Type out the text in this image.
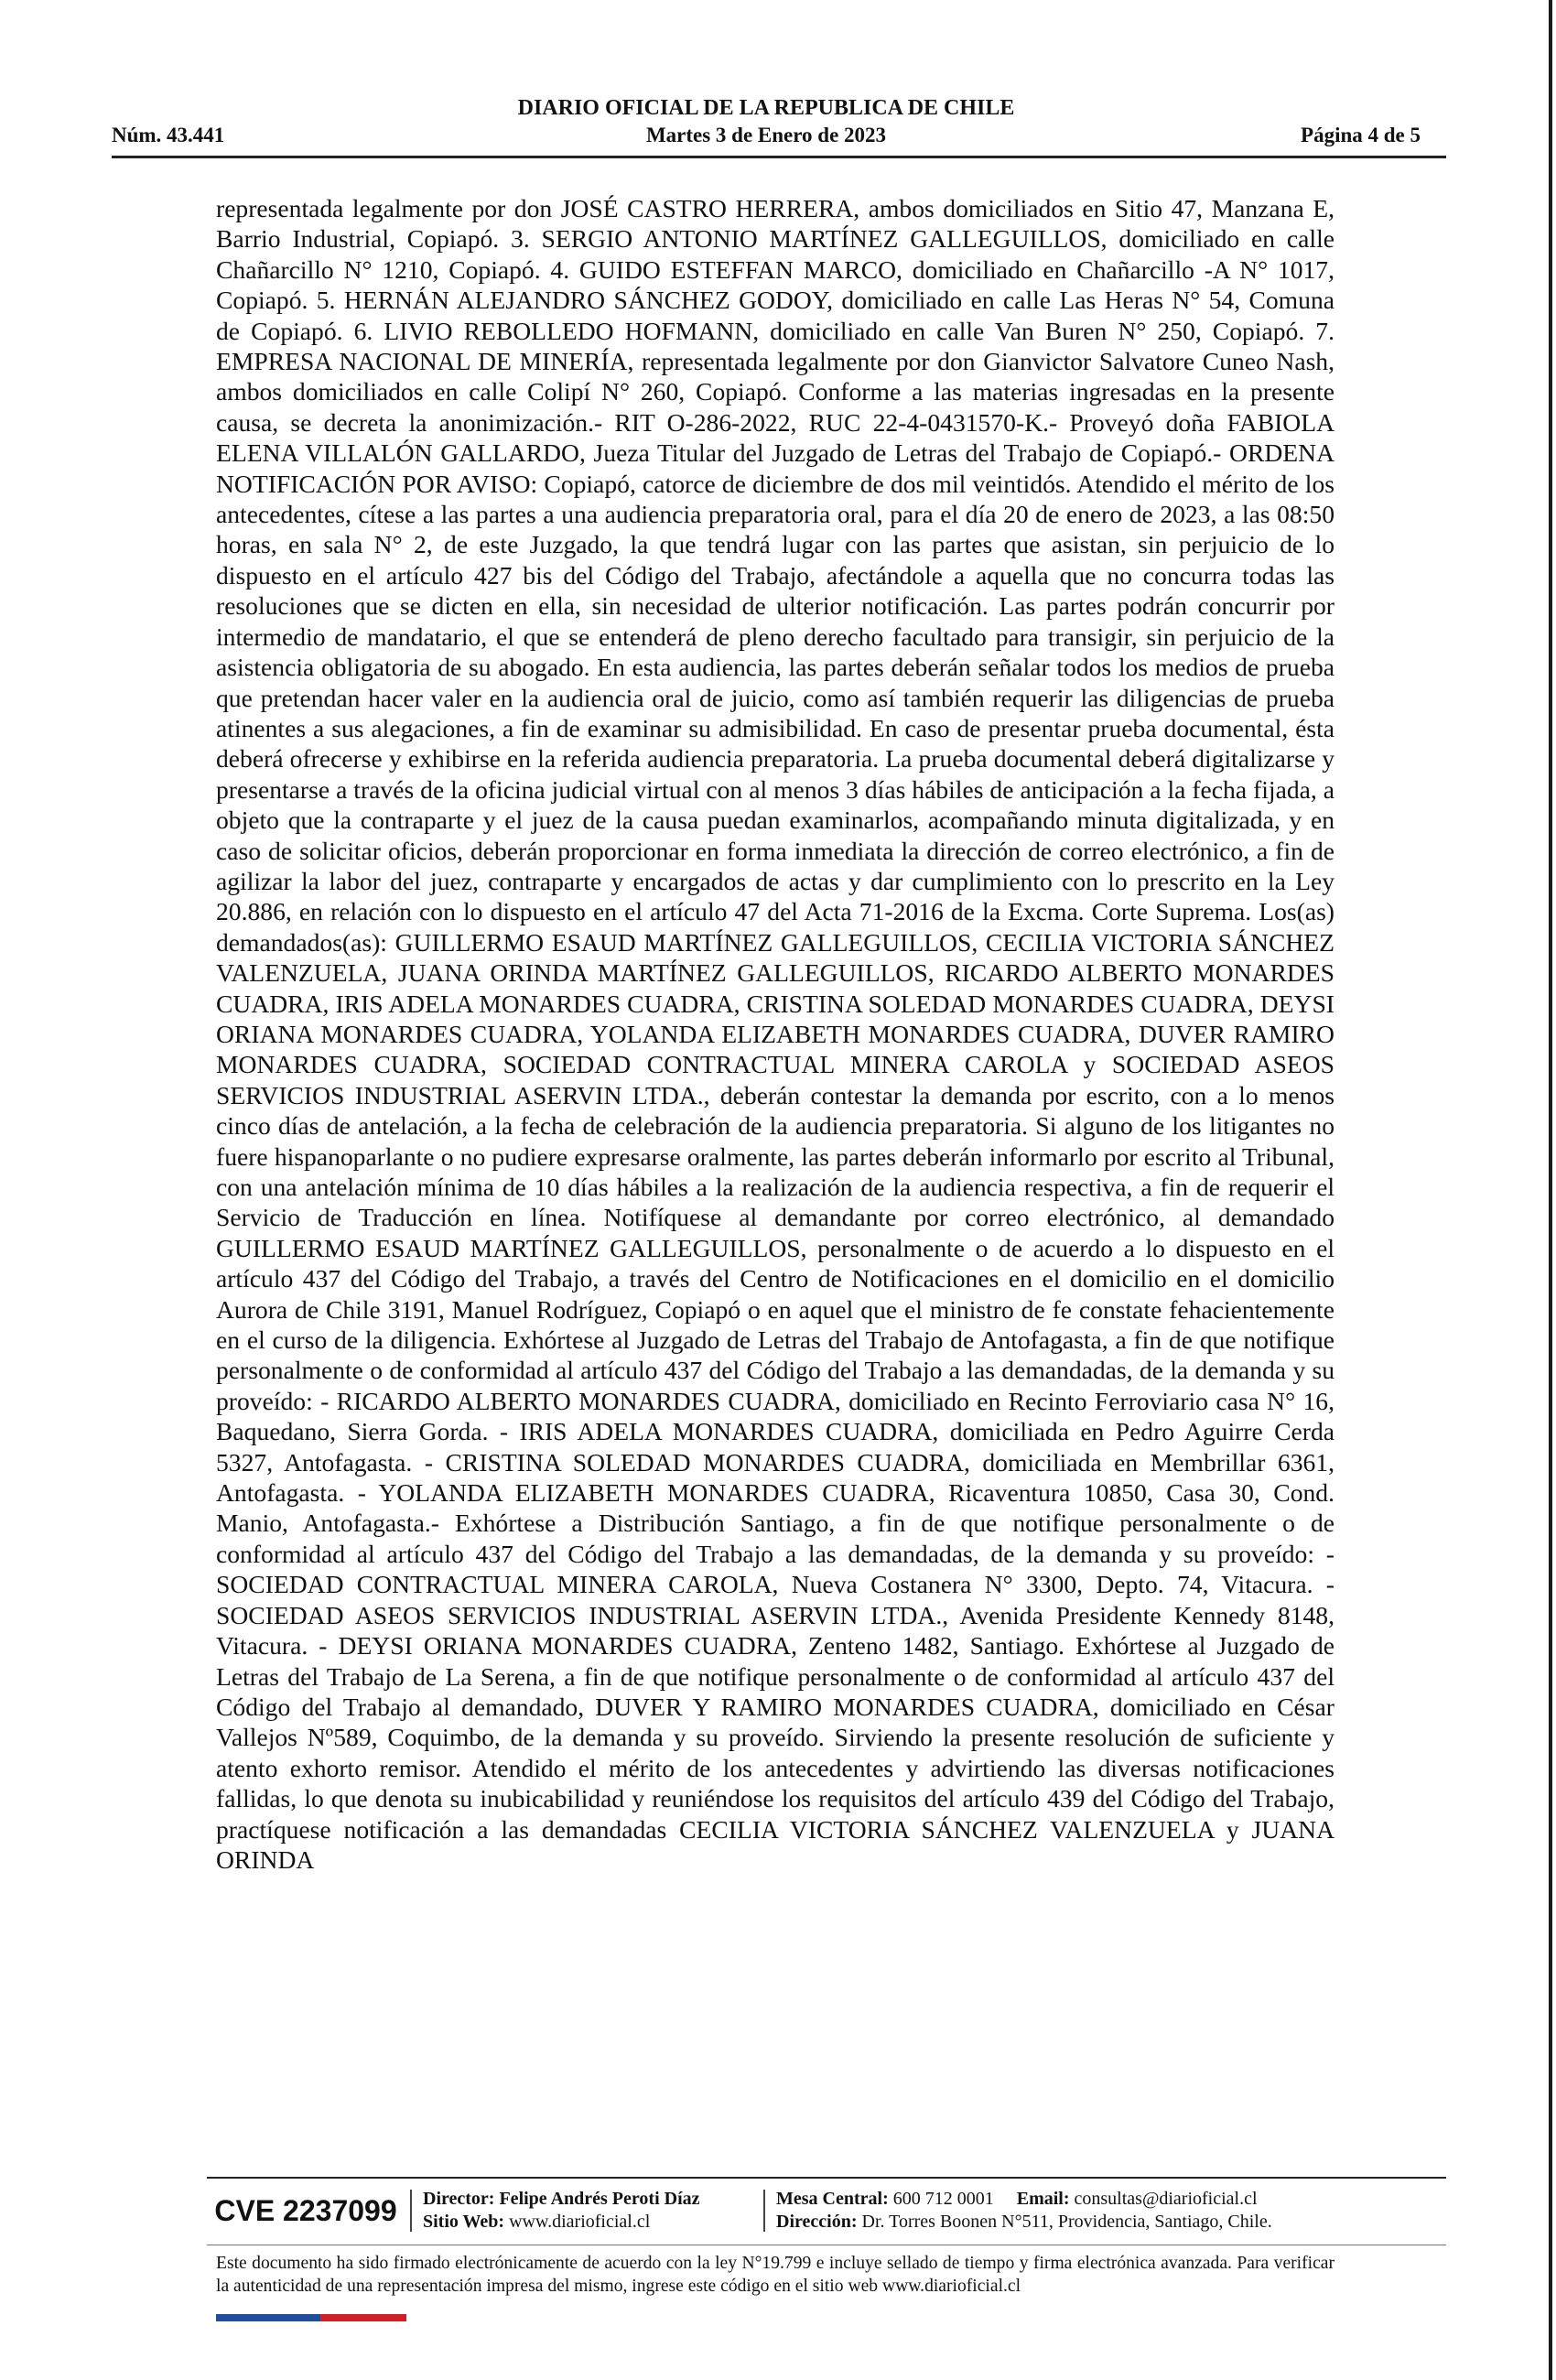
DIARIO OFICIAL DE LA REPUBLICA DE CHILE
Núm. 43.441	Martes 3 de Enero de 2023	Página 4 de 5
representada legalmente por don JOSÉ CASTRO HERRERA, ambos domiciliados en Sitio 47, Manzana E, Barrio Industrial, Copiapó. 3. SERGIO ANTONIO MARTÍNEZ GALLEGUILLOS, domiciliado en calle Chañarcillo N° 1210, Copiapó. 4. GUIDO ESTEFFAN MARCO, domiciliado en Chañarcillo -A N° 1017, Copiapó. 5. HERNÁN ALEJANDRO SÁNCHEZ GODOY, domiciliado en calle Las Heras N° 54, Comuna de Copiapó. 6. LIVIO REBOLLEDO HOFMANN, domiciliado en calle Van Buren N° 250, Copiapó. 7. EMPRESA NACIONAL DE MINERÍA, representada legalmente por don Gianvictor Salvatore Cuneo Nash, ambos domiciliados en calle Colipí N° 260, Copiapó. Conforme a las materias ingresadas en la presente causa, se decreta la anonimización.- RIT O-286-2022, RUC 22-4-0431570-K.- Proveyó doña FABIOLA ELENA VILLALÓN GALLARDO, Jueza Titular del Juzgado de Letras del Trabajo de Copiapó.- ORDENA NOTIFICACIÓN POR AVISO: Copiapó, catorce de diciembre de dos mil veintidós. Atendido el mérito de los antecedentes, cítese a las partes a una audiencia preparatoria oral, para el día 20 de enero de 2023, a las 08:50 horas, en sala N° 2, de este Juzgado, la que tendrá lugar con las partes que asistan, sin perjuicio de lo dispuesto en el artículo 427 bis del Código del Trabajo, afectándole a aquella que no concurra todas las resoluciones que se dicten en ella, sin necesidad de ulterior notificación. Las partes podrán concurrir por intermedio de mandatario, el que se entenderá de pleno derecho facultado para transigir, sin perjuicio de la asistencia obligatoria de su abogado. En esta audiencia, las partes deberán señalar todos los medios de prueba que pretendan hacer valer en la audiencia oral de juicio, como así también requerir las diligencias de prueba atinentes a sus alegaciones, a fin de examinar su admisibilidad. En caso de presentar prueba documental, ésta deberá ofrecerse y exhibirse en la referida audiencia preparatoria. La prueba documental deberá digitalizarse y presentarse a través de la oficina judicial virtual con al menos 3 días hábiles de anticipación a la fecha fijada, a objeto que la contraparte y el juez de la causa puedan examinarlos, acompañando minuta digitalizada, y en caso de solicitar oficios, deberán proporcionar en forma inmediata la dirección de correo electrónico, a fin de agilizar la labor del juez, contraparte y encargados de actas y dar cumplimiento con lo prescrito en la Ley 20.886, en relación con lo dispuesto en el artículo 47 del Acta 71-2016 de la Excma. Corte Suprema. Los(as) demandados(as): GUILLERMO ESAUD MARTÍNEZ GALLEGUILLOS, CECILIA VICTORIA SÁNCHEZ VALENZUELA, JUANA ORINDA MARTÍNEZ GALLEGUILLOS, RICARDO ALBERTO MONARDES CUADRA, IRIS ADELA MONARDES CUADRA, CRISTINA SOLEDAD MONARDES CUADRA, DEYSI ORIANA MONARDES CUADRA, YOLANDA ELIZABETH MONARDES CUADRA, DUVER RAMIRO MONARDES CUADRA, SOCIEDAD CONTRACTUAL MINERA CAROLA y SOCIEDAD ASEOS SERVICIOS INDUSTRIAL ASERVIN LTDA., deberán contestar la demanda por escrito, con a lo menos cinco días de antelación, a la fecha de celebración de la audiencia preparatoria. Si alguno de los litigantes no fuere hispanoparlante o no pudiere expresarse oralmente, las partes deberán informarlo por escrito al Tribunal, con una antelación mínima de 10 días hábiles a la realización de la audiencia respectiva, a fin de requerir el Servicio de Traducción en línea. Notifíquese al demandante por correo electrónico, al demandado GUILLERMO ESAUD MARTÍNEZ GALLEGUILLOS, personalmente o de acuerdo a lo dispuesto en el artículo 437 del Código del Trabajo, a través del Centro de Notificaciones en el domicilio en el domicilio Aurora de Chile 3191, Manuel Rodríguez, Copiapó o en aquel que el ministro de fe constate fehacientemente en el curso de la diligencia. Exhórtese al Juzgado de Letras del Trabajo de Antofagasta, a fin de que notifique personalmente o de conformidad al artículo 437 del Código del Trabajo a las demandadas, de la demanda y su proveído: - RICARDO ALBERTO MONARDES CUADRA, domiciliado en Recinto Ferroviario casa N° 16, Baquedano, Sierra Gorda. - IRIS ADELA MONARDES CUADRA, domiciliada en Pedro Aguirre Cerda 5327, Antofagasta. - CRISTINA SOLEDAD MONARDES CUADRA, domiciliada en Membrillar 6361, Antofagasta. - YOLANDA ELIZABETH MONARDES CUADRA, Ricaventura 10850, Casa 30, Cond. Manio, Antofagasta.- Exhórtese a Distribución Santiago, a fin de que notifique personalmente o de conformidad al artículo 437 del Código del Trabajo a las demandadas, de la demanda y su proveído: - SOCIEDAD CONTRACTUAL MINERA CAROLA, Nueva Costanera N° 3300, Depto. 74, Vitacura. - SOCIEDAD ASEOS SERVICIOS INDUSTRIAL ASERVIN LTDA., Avenida Presidente Kennedy 8148, Vitacura. - DEYSI ORIANA MONARDES CUADRA, Zenteno 1482, Santiago. Exhórtese al Juzgado de Letras del Trabajo de La Serena, a fin de que notifique personalmente o de conformidad al artículo 437 del Código del Trabajo al demandado, DUVER Y RAMIRO MONARDES CUADRA, domiciliado en César Vallejos Nº589, Coquimbo, de la demanda y su proveído. Sirviendo la presente resolución de suficiente y atento exhorto remisor. Atendido el mérito de los antecedentes y advirtiendo las diversas notificaciones fallidas, lo que denota su inubicabilidad y reuniéndose los requisitos del artículo 439 del Código del Trabajo, practíquese notificación a las demandadas CECILIA VICTORIA SÁNCHEZ VALENZUELA y JUANA ORINDA
CVE 2237099	Director: Felipe Andrés Peroti Díaz
Sitio Web: www.diarioficial.cl
Mesa Central: 600 712 0001 Email: consultas@diarioficial.cl
Dirección: Dr. Torres Boonen N°511, Providencia, Santiago, Chile.
Este documento ha sido firmado electrónicamente de acuerdo con la ley N°19.799 e incluye sellado de tiempo y firma electrónica avanzada. Para verificar la autenticidad de una representación impresa del mismo, ingrese este código en el sitio web www.diarioficial.cl
